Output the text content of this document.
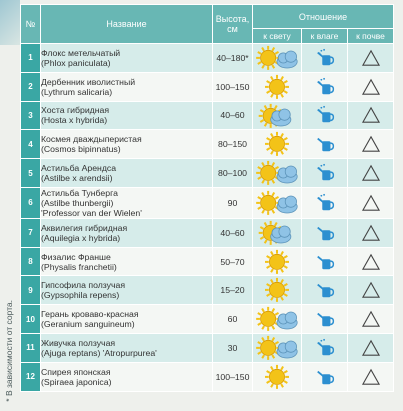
* В зависимости от сорта.
№	Название	Высота, см	Отношение		
			к свету	к влаге	к почве
1	Флокс метельчатый
(Phlox paniculata)	40–180*	

2	Дербенник иволистный
(Lythrum salicaria)	100–150	

3	Хоста гибридная
(Hosta x hybrida)	40–60	

4	Космея дваждыперистая
(Cosmos bipinnatus)	80–150	

5	Астильба Арендса
(Astilbe x arendsii)	80–100	

6	Астильба Тунберга
(Astilbe thunbergii)
'Professor van der Wielen'	90	

7	Аквилегия гибридная
(Aquilegia x hybrida)	40–60	

8	Физалис Франше
(Physalis franchetii)	50–70	

9	Гипсофила ползучая
(Gypsophila repens)	15–20	

10	Герань кроваво-красная
(Geranium sanguineum)	60	

11	Живучка ползучая
(Ajuga reptans) 'Atropurpurea'	30	

12	Спирея японская
(Spiraea japonica)	100–150	
